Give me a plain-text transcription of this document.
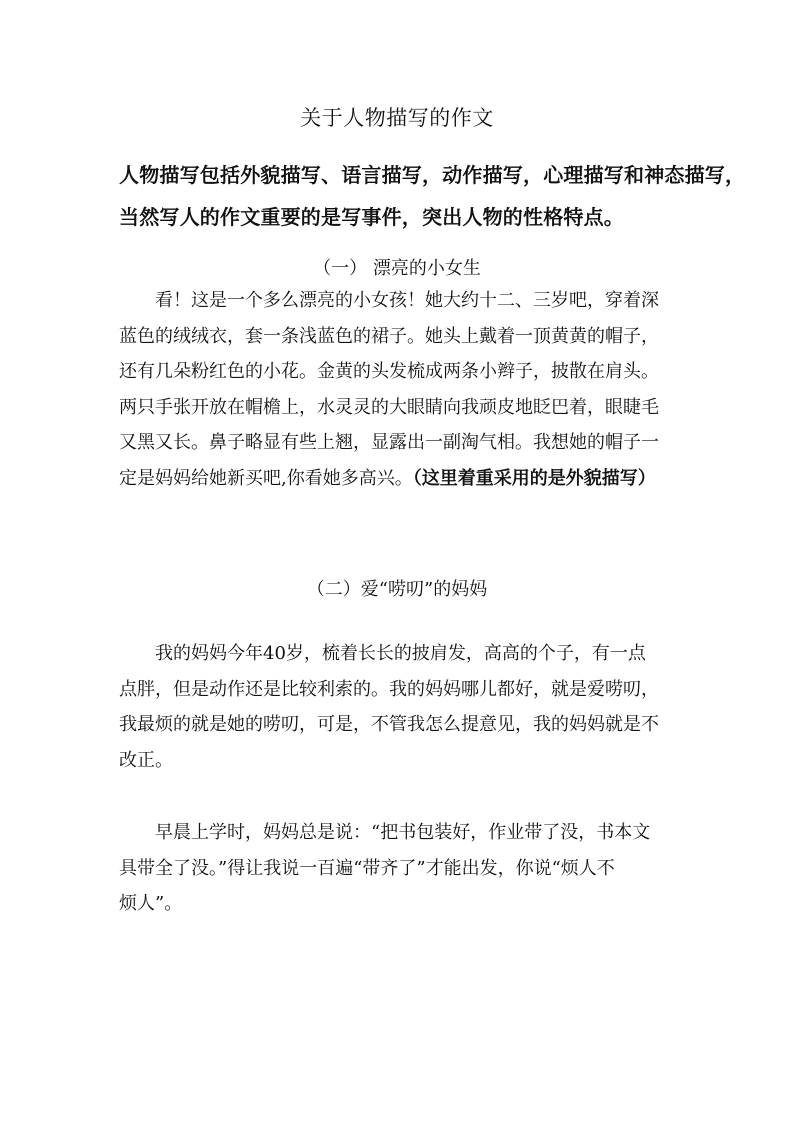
关于人物描写的作文
人物描写包括外貌描写、语言描写，动作描写，心理描写和神态描写，
当然写人的作文重要的是写事件，突出人物的性格特点。
（一） 漂亮的小女生
看！这是一个多么漂亮的小女孩！她大约十二、三岁吧，穿着深
蓝色的绒绒衣，套一条浅蓝色的裙子。她头上戴着一顶黄黄的帽子，
还有几朵粉红色的小花。金黄的头发梳成两条小辫子，披散在肩头。
两只手张开放在帽檐上，水灵灵的大眼睛向我顽皮地眨巴着，眼睫毛
又黑又长。鼻子略显有些上翘，显露出一副淘气相。我想她的帽子一
定是妈妈给她新买吧,你看她多高兴。（这里着重采用的是外貌描写）
（二）爱“唠叨”的妈妈
我的妈妈今年40岁，梳着长长的披肩发，高高的个子，有一点
点胖，但是动作还是比较利索的。我的妈妈哪儿都好，就是爱唠叨，
我最烦的就是她的唠叨，可是，不管我怎么提意见，我的妈妈就是不
改正。
早晨上学时，妈妈总是说：“把书包装好，作业带了没，书本文
具带全了没。”得让我说一百遍“带齐了”才能出发，你说“烦人不
烦人”。
